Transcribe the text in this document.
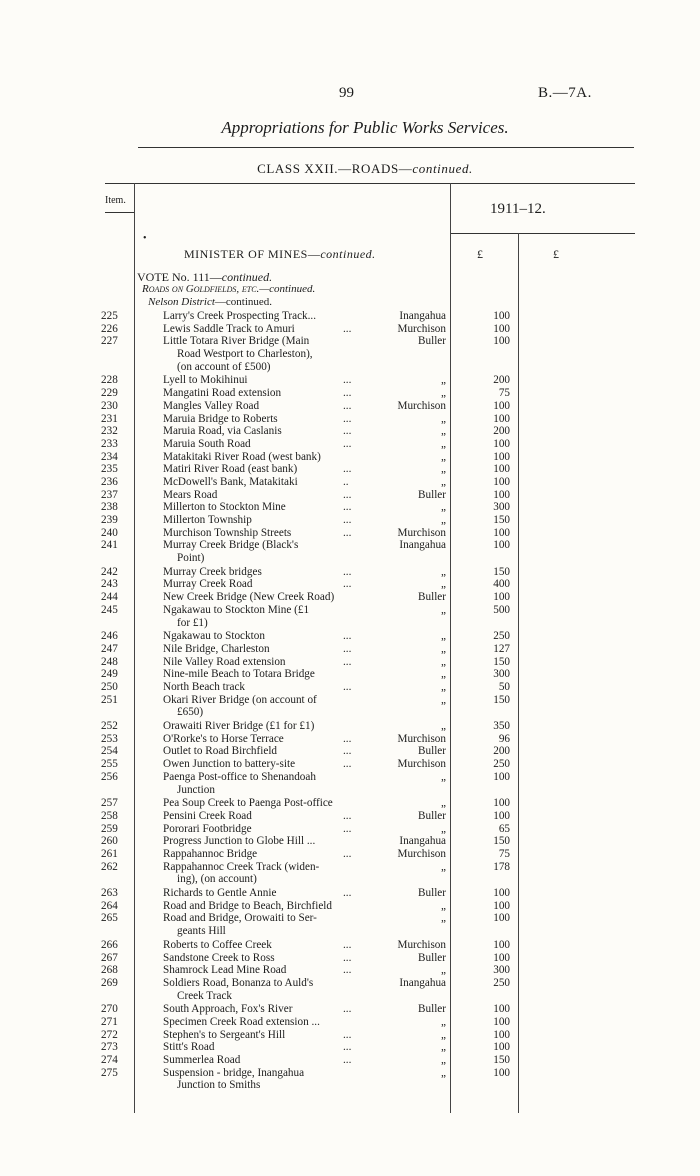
99	B.—7A.
Appropriations for Public Works Services.
CLASS XXII.—ROADS—continued.
Item.
1911–12.
•
MINISTER OF MINES—continued.	£	£
VOTE No. 111—continued.
Roads on Goldfields, etc.—continued.
Nelson District—continued.
225	Larry's Creek Prospecting Track...	Inangahua	100
226	Lewis Saddle Track to Amuri	...	Murchison	100
227	Little Totara River Bridge (Main
Road Westport to Charleston),
(on account of £500)
Buller	100
228	Lyell to Mokihinui	...	„	200
229	Mangatini Road extension	...	„	75
230	Mangles Valley Road	...	Murchison	100
231	Maruia Bridge to Roberts	...	„	100
232	Maruia Road, via Caslanis	...	„	200
233	Maruia South Road	...	„	100
234	Matakitaki River Road (west bank)	„	100
235	Matiri River Road (east bank)	...	„	100
236	McDowell's Bank, Matakitaki	..	„	100
237	Mears Road	...	Buller	100
238	Millerton to Stockton Mine	...	„	300
239	Millerton Township	...	„	150
240	Murchison Township Streets	...	Murchison	100
241	Murray Creek Bridge (Black's
Point)
Inangahua	100
242	Murray Creek bridges	...	„	150
243	Murray Creek Road	...	„	400
244	New Creek Bridge (New Creek Road)	Buller	100
245	Ngakawau to Stockton Mine (£1
for £1)
„	500
246	Ngakawau to Stockton	...	„	250
247	Nile Bridge, Charleston	...	„	127
248	Nile Valley Road extension	...	„	150
249	Nine-mile Beach to Totara Bridge	„	300
250	North Beach track	...	„	50
251	Okari River Bridge (on account of
£650)
„	150
252	Orawaiti River Bridge (£1 for £1)	„	350
253	O'Rorke's to Horse Terrace	...	Murchison	96
254	Outlet to Road Birchfield	...	Buller	200
255	Owen Junction to battery-site	...	Murchison	250
256	Paenga Post-office to Shenandoah
Junction
„	100
257	Pea Soup Creek to Paenga Post-office	„	100
258	Pensini Creek Road	...	Buller	100
259	Pororari Footbridge	...	„	65
260	Progress Junction to Globe Hill ...	Inangahua	150
261	Rappahannoc Bridge	...	Murchison	75
262	Rappahannoc Creek Track (widen-
ing), (on account)
„	178
263	Richards to Gentle Annie	...	Buller	100
264	Road and Bridge to Beach, Birchfield	„	100
265	Road and Bridge, Orowaiti to Ser-
geants Hill
„	100
266	Roberts to Coffee Creek	...	Murchison	100
267	Sandstone Creek to Ross	...	Buller	100
268	Shamrock Lead Mine Road	...	„	300
269	Soldiers Road, Bonanza to Auld's
Creek Track
Inangahua	250
270	South Approach, Fox's River	...	Buller	100
271	Specimen Creek Road extension ...	„	100
272	Stephen's to Sergeant's Hill	...	„	100
273	Stitt's Road	...	„	100
274	Summerlea Road	...	„	150
275	Suspension - bridge, Inangahua
Junction to Smiths
„	100
